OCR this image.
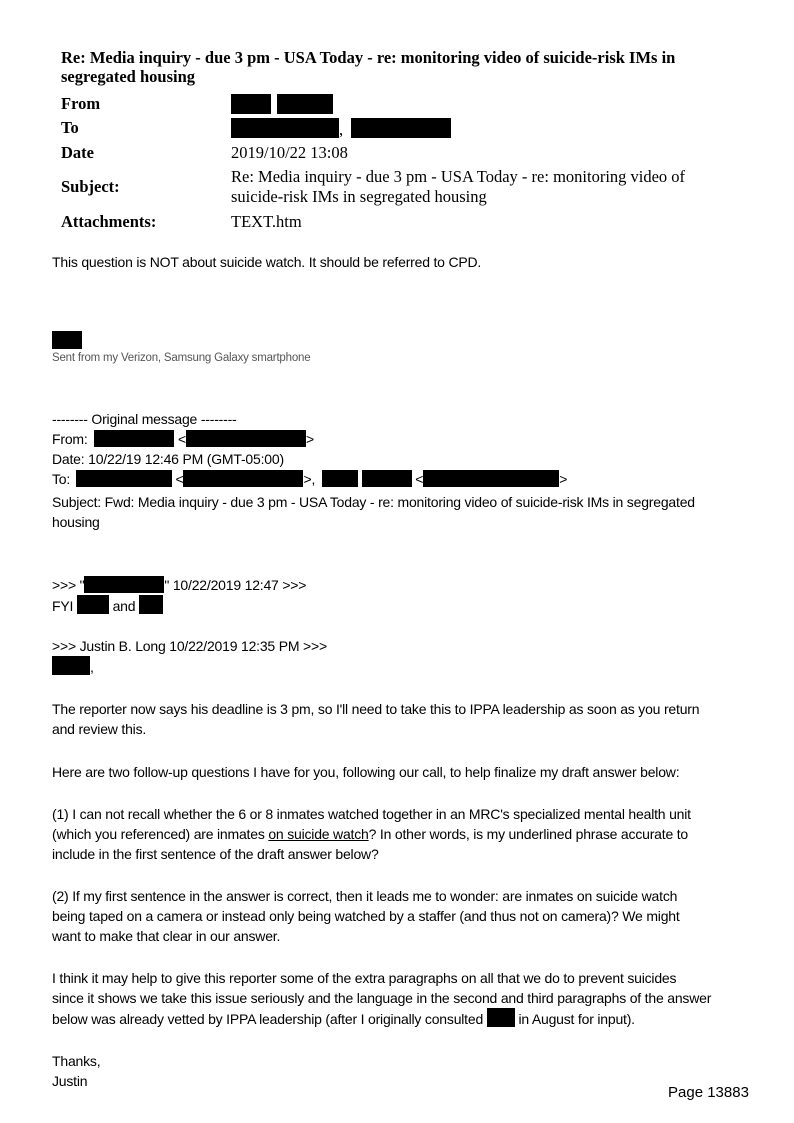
Re: Media inquiry - due 3 pm - USA Today - re: monitoring video of suicide-risk IMs in segregated housing
From

To	,
Date	2019/10/22 13:08
Subject:
Re: Media inquiry - due 3 pm - USA Today - re: monitoring video of
suicide-risk IMs in segregated housing
Attachments:	TEXT.htm
This question is NOT about suicide watch. It should be referred to CPD.
Sent from my Verizon, Samsung Galaxy smartphone
-------- Original message --------
From:	<	>
Date: 10/22/19 12:46 PM (GMT-05:00)
To:	<	>,	<	>
Subject: Fwd: Media inquiry - due 3 pm - USA Today - re: monitoring video of suicide-risk IMs in segregated
housing
>>> "	" 10/22/2019 12:47 >>>
FYI	and
>>> Justin B. Long 10/22/2019 12:35 PM >>>
,
The reporter now says his deadline is 3 pm, so I'll need to take this to IPPA leadership as soon as you return
and review this.
Here are two follow-up questions I have for you, following our call, to help finalize my draft answer below:
(1) I can not recall whether the 6 or 8 inmates watched together in an MRC's specialized mental health unit
(which you referenced) are inmates on suicide watch? In other words, is my underlined phrase accurate to
include in the first sentence of the draft answer below?
(2) If my first sentence in the answer is correct, then it leads me to wonder: are inmates on suicide watch
being taped on a camera or instead only being watched by a staffer (and thus not on camera)? We might
want to make that clear in our answer.
I think it may help to give this reporter some of the extra paragraphs on all that we do to prevent suicides
since it shows we take this issue seriously and the language in the second and third paragraphs of the answer
below was already vetted by IPPA leadership (after I originally consulted  in August for input).
Thanks,
Justin
Page 13883
